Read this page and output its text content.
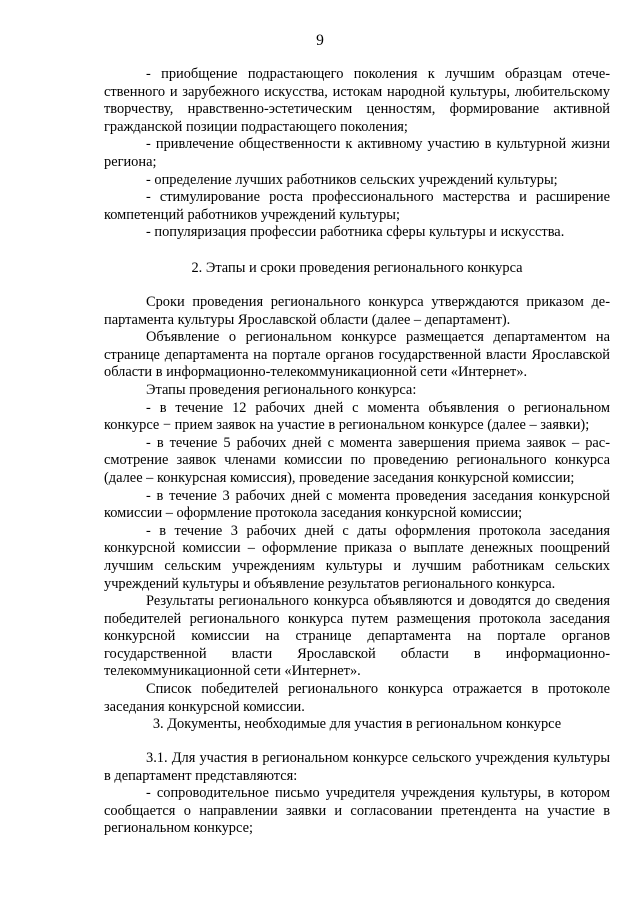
9

- приобщение подрастающего поколения к лучшим образцам отечественного и зарубежного искусства, истокам народной культуры, любительскому творчеству, нравственно-эстетическим ценностям, формирование активной гражданской позиции подрастающего поколения;

- привлечение общественности к активному участию в культурной жизни региона;

- определение лучших работников сельских учреждений культуры;

- стимулирование роста профессионального мастерства и расширение компетенций работников учреждений культуры;

- популяризация профессии работника сферы культуры и искусства.

2. Этапы и сроки проведения регионального конкурса

Сроки проведения регионального конкурса утверждаются приказом департамента культуры Ярославской области (далее – департамент).

Объявление о региональном конкурсе размещается департаментом на странице департамента на портале органов государственной власти Ярославской области в информационно-телекоммуникационной сети «Интернет».

Этапы проведения регионального конкурса:

- в течение 12 рабочих дней с момента объявления о региональном конкурсе − прием заявок на участие в региональном конкурсе (далее – заявки);

- в течение 5 рабочих дней с момента завершения приема заявок – рассмотрение заявок членами комиссии по проведению регионального конкурса (далее – конкурсная комиссия), проведение заседания конкурсной комиссии;

- в течение 3 рабочих дней с момента проведения заседания конкурсной комиссии – оформление протокола заседания конкурсной комиссии;

- в течение 3 рабочих дней с даты оформления протокола заседания конкурсной комиссии – оформление приказа о выплате денежных поощрений лучшим сельским учреждениям культуры и лучшим работникам сельских учреждений культуры и объявление результатов регионального конкурса.

Результаты регионального конкурса объявляются и доводятся до сведения победителей регионального конкурса путем размещения протокола заседания конкурсной комиссии на странице департамента на портале органов государственной власти Ярославской области в информационно-телекоммуникационной сети «Интернет».

Список победителей регионального конкурса отражается в протоколе заседания конкурсной комиссии.

3. Документы, необходимые для участия в региональном конкурсе

3.1. Для участия в региональном конкурсе сельского учреждения культуры в департамент представляются:

- сопроводительное письмо учредителя учреждения культуры, в котором сообщается о направлении заявки и согласовании претендента на участие в региональном конкурсе;
